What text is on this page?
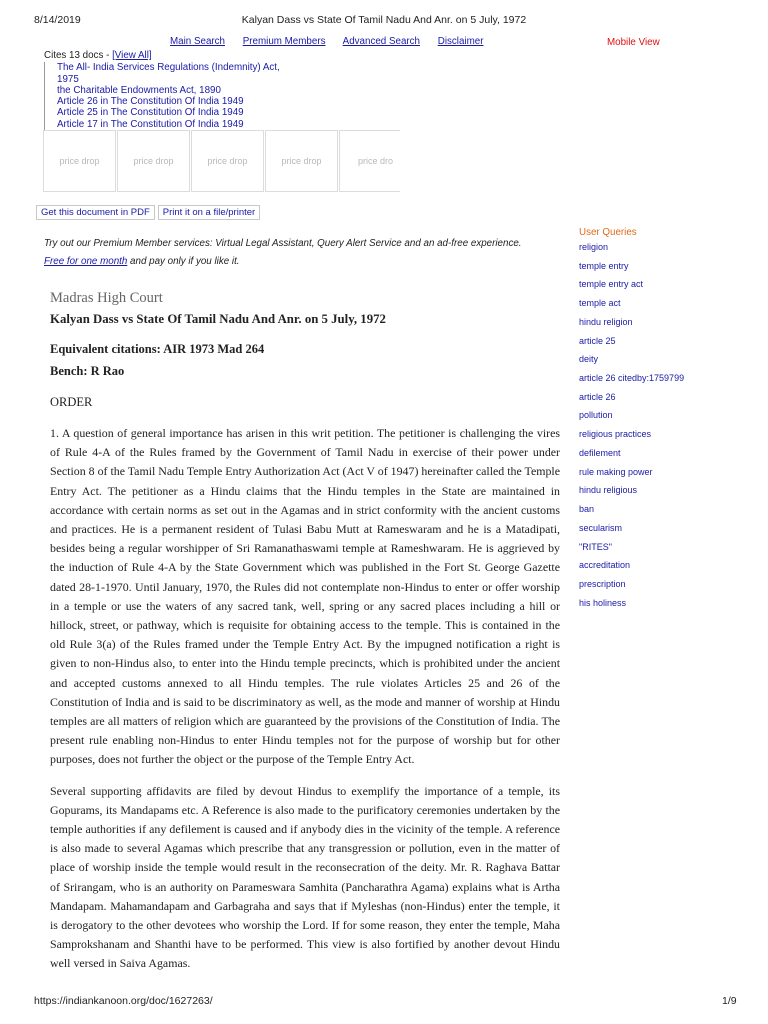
8/14/2019	Kalyan Dass vs State Of Tamil Nadu And Anr. on 5 July, 1972
Main Search Premium Members Advanced Search Disclaimer	Mobile View
Cites 13 docs - [View All]
The All- India Services Regulations (Indemnity) Act, 1975
the Charitable Endowments Act, 1890
Article 26 in The Constitution Of India 1949
Article 25 in The Constitution Of India 1949
Article 17 in The Constitution Of India 1949
price drop	price drop	price drop	price drop	price dro
Get this document in PDF	Print it on a file/printer
Try out our Premium Member services: Virtual Legal Assistant, Query Alert Service and an ad-free experience.
Free for one month and pay only if you like it.
Madras High Court
Kalyan Dass vs State Of Tamil Nadu And Anr. on 5 July, 1972
Equivalent citations: AIR 1973 Mad 264
Bench: R Rao
ORDER

1. A question of general importance has arisen in this writ petition. The petitioner is challenging the vires of Rule 4-A of the Rules framed by the Government of Tamil Nadu in exercise of their power under Section 8 of the Tamil Nadu Temple Entry Authorization Act (Act V of 1947) hereinafter called the Temple Entry Act. The petitioner as a Hindu claims that the Hindu temples in the State are maintained in accordance with certain norms as set out in the Agamas and in strict conformity with the ancient customs and practices. He is a permanent resident of Tulasi Babu Mutt at Rameswaram and he is a Matadipati, besides being a regular worshipper of Sri Ramanathaswami temple at Rameshwaram. He is aggrieved by the induction of Rule 4-A by the State Government which was published in the Fort St. George Gazette dated 28-1-1970. Until January, 1970, the Rules did not contemplate non-Hindus to enter or offer worship in a temple or use the waters of any sacred tank, well, spring or any sacred places including a hill or hillock, street, or pathway, which is requisite for obtaining access to the temple. This is contained in the old Rule 3(a) of the Rules framed under the Temple Entry Act. By the impugned notification a right is given to non-Hindus also, to enter into the Hindu temple precincts, which is prohibited under the ancient and accepted customs annexed to all Hindu temples. The rule violates Articles 25 and 26 of the Constitution of India and is said to be discriminatory as well, as the mode and manner of worship at Hindu temples are all matters of religion which are guaranteed by the provisions of the Constitution of India. The present rule enabling non-Hindus to enter Hindu temples not for the purpose of worship but for other purposes, does not further the object or the purpose of the Temple Entry Act.

Several supporting affidavits are filed by devout Hindus to exemplify the importance of a temple, its Gopurams, its Mandapams etc. A Reference is also made to the purificatory ceremonies undertaken by the temple authorities if any defilement is caused and if anybody dies in the vicinity of the temple. A reference is also made to several Agamas which prescribe that any transgression or pollution, even in the matter of place of worship inside the temple would result in the reconsecration of the deity. Mr. R. Raghava Battar of Srirangam, who is an authority on Parameswara Samhita (Pancharathra Agama) explains what is Artha Mandapam. Mahamandapam and Garbagraha and says that if Myleshas (non-Hindus) enter the temple, it is derogatory to the other devotees who worship the Lord. If for some reason, they enter the temple, Maha Samprokshanam and Shanthi have to be performed. This view is also fortified by another devout Hindu well versed in Saiva Agamas.

User Queries
religion
temple entry
temple entry act
temple act
hindu religion
article 25
deity
article 26 citedby:1759799
article 26
pollution
religious practices
defilement
rule making power
hindu religious
ban
secularism
"RITES"
accreditation
prescription
his holiness
https://indiankanoon.org/doc/1627263/	1/9
